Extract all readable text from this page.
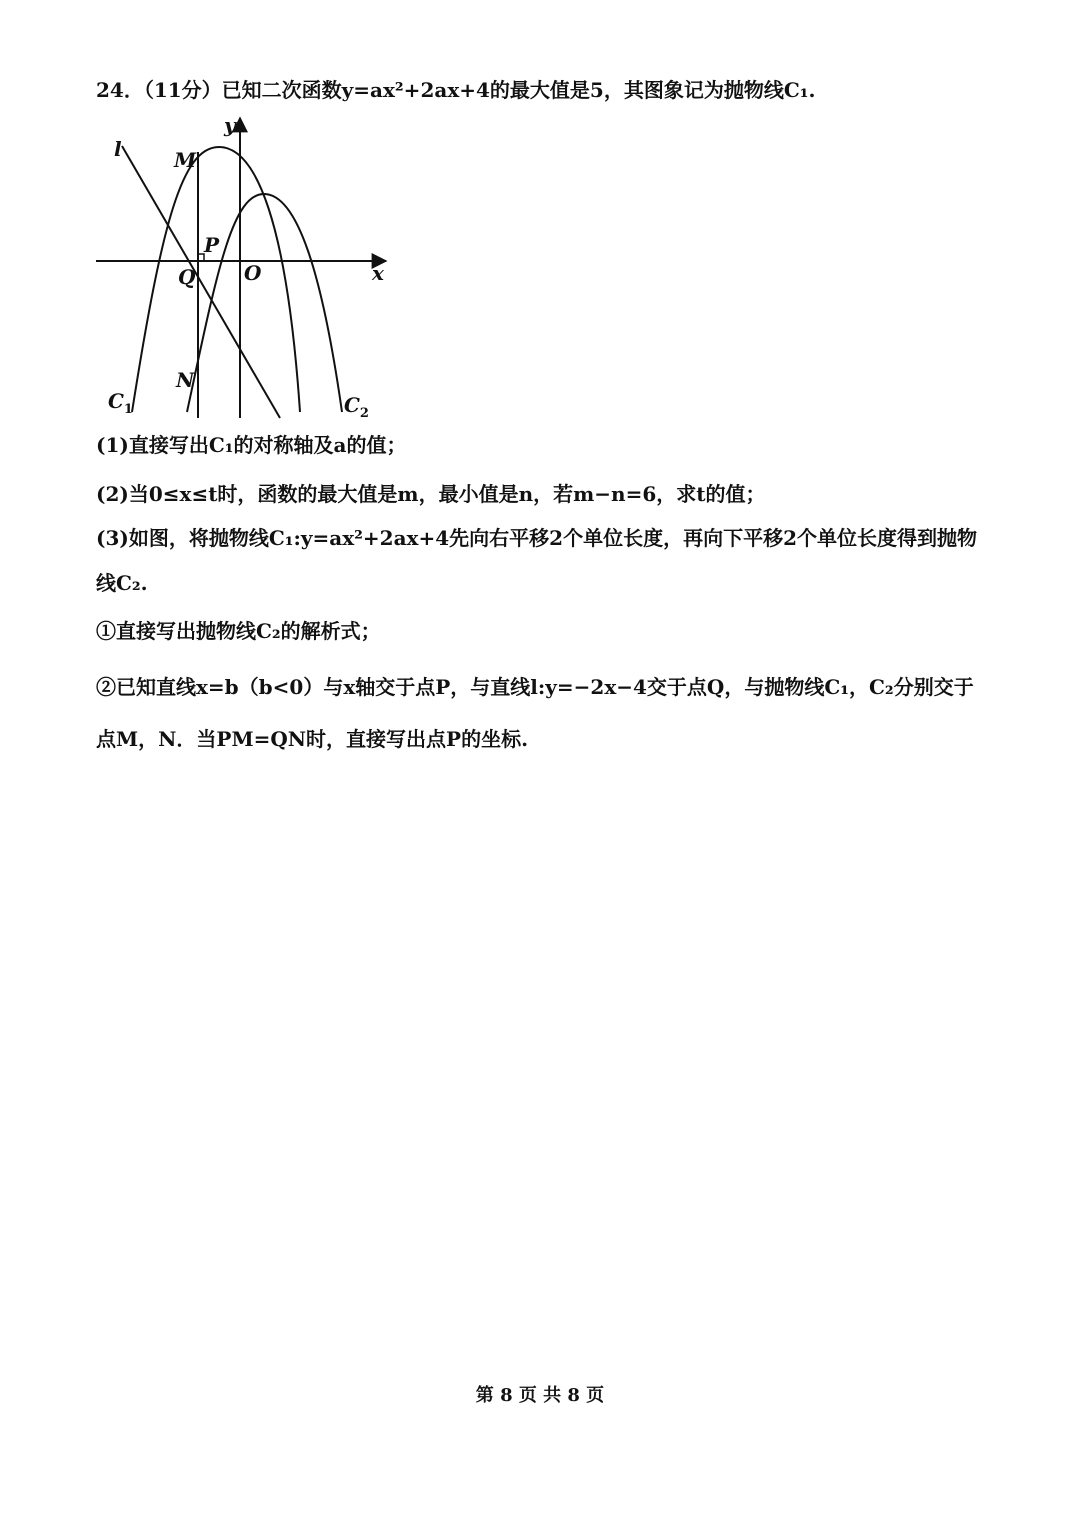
24．（11分）已知二次函数y=ax²+2ax+4的最大值是5，其图象记为抛物线C₁.
l
y
x
M
P
Q O
N
$C_1$	$C_2$
(1)直接写出C₁的对称轴及a的值；
(2)当0≤x≤t时，函数的最大值是m，最小值是n，若m−n=6，求t的值；
(3)如图，将抛物线C₁:y=ax²+2ax+4先向右平移2个单位长度，再向下平移2个单位长度得到抛物
线C₂.
①直接写出抛物线C₂的解析式；
②已知直线x=b（b<0）与x轴交于点P，与直线l:y=−2x−4交于点Q，与抛物线C₁，C₂分别交于
点M，N．当PM=QN时，直接写出点P的坐标.
第 8 页 共 8 页
